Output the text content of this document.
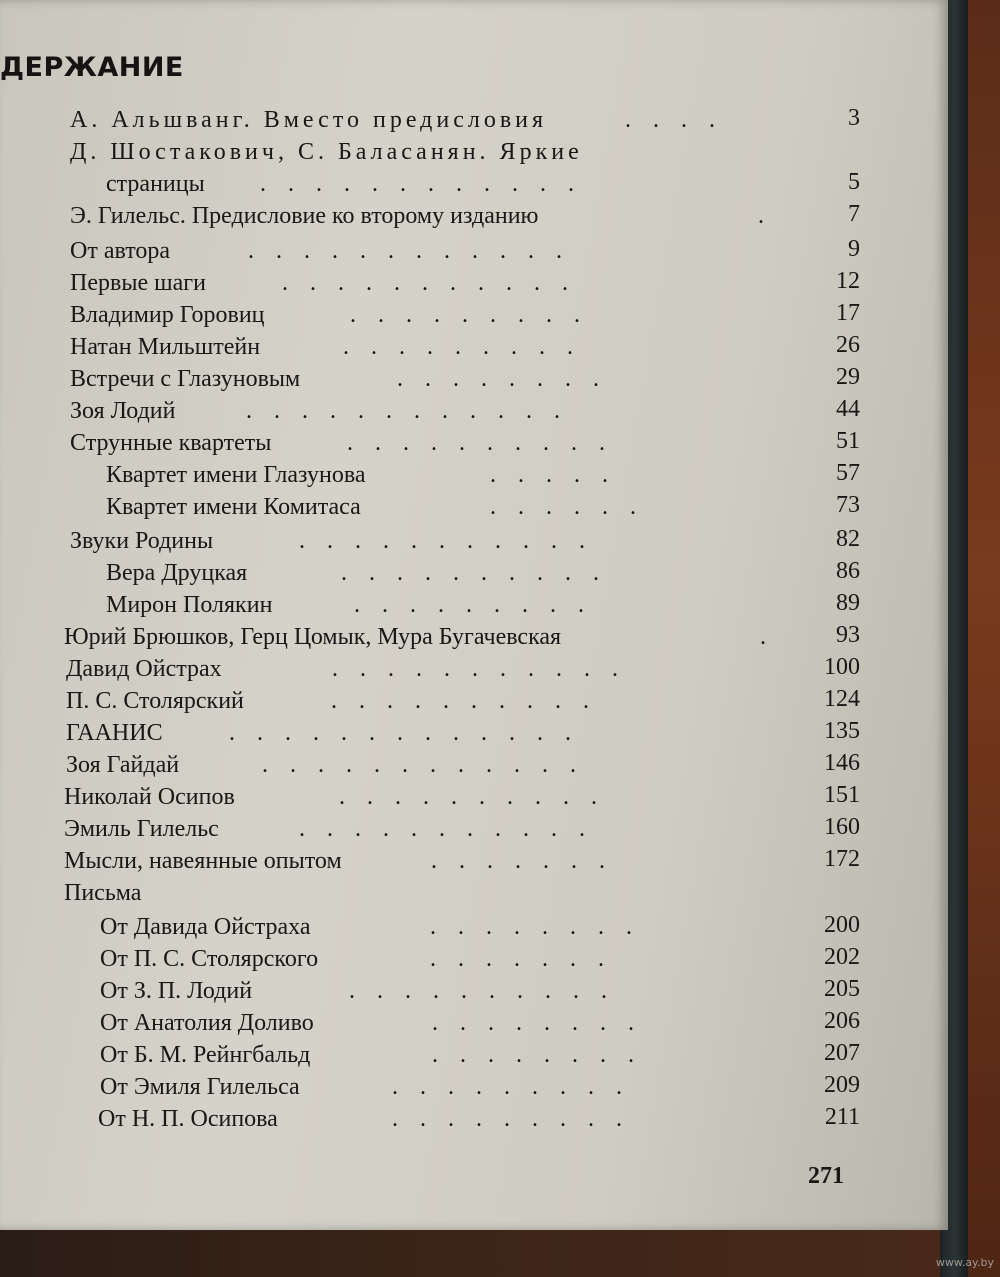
ДЕРЖАНИЕ
А. Альшванг. Вместо предисловия	. . . .	3
Д. Шостакович, С. Баласанян. Яркие
страницы . . . . . . . . . . . .	5
Э. Гилельс. Предисловие ко второму изданию	.	7
От автора	. . . . . . . . . . . .	9
Первые шаги	. . . . . . . . . . .	12
Владимир Горовиц	. . . . . . . . .	17
Натан Мильштейн	. . . . . . . . .	26
Встречи с Глазуновым	. . . . . . . .	29
Зоя Лодий	. . . . . . . . . . . .	44
Струнные квартеты	. . . . . . . . . .	51
Квартет имени Глазунова	. . . . .	57
Квартет имени Комитаса	. . . . . .	73
Звуки Родины	. . . . . . . . . . .	82
Вера Друцкая	. . . . . . . . . .	86
Мирон Полякин	. . . . . . . . .	89
Юрий Брюшков, Герц Цомык, Мура Бугачевская	.	93
Давид Ойстрах	. . . . . . . . . . .	100
П. С. Столярский	. . . . . . . . . .	124
ГААНИС	. . . . . . . . . . . . .	135
Зоя Гайдай	. . . . . . . . . . . .	146
Николай Осипов	. . . . . . . . . .	151
Эмиль Гилельс	. . . . . . . . . . .	160
Мысли, навеянные опытом	. . . . . . .	172
Письма
От Давида Ойстраха	. . . . . . . .	200
От П. С. Столярского	. . . . . . .	202
От З. П. Лодий	. . . . . . . . . .	205
От Анатолия Доливо	. . . . . . . .	206
От Б. М. Рейнгбальд	. . . . . . . .	207
От Эмиля Гилельса	. . . . . . . . .	209
От Н. П. Осипова	. . . . . . . . .	211
271
www.ay.by
